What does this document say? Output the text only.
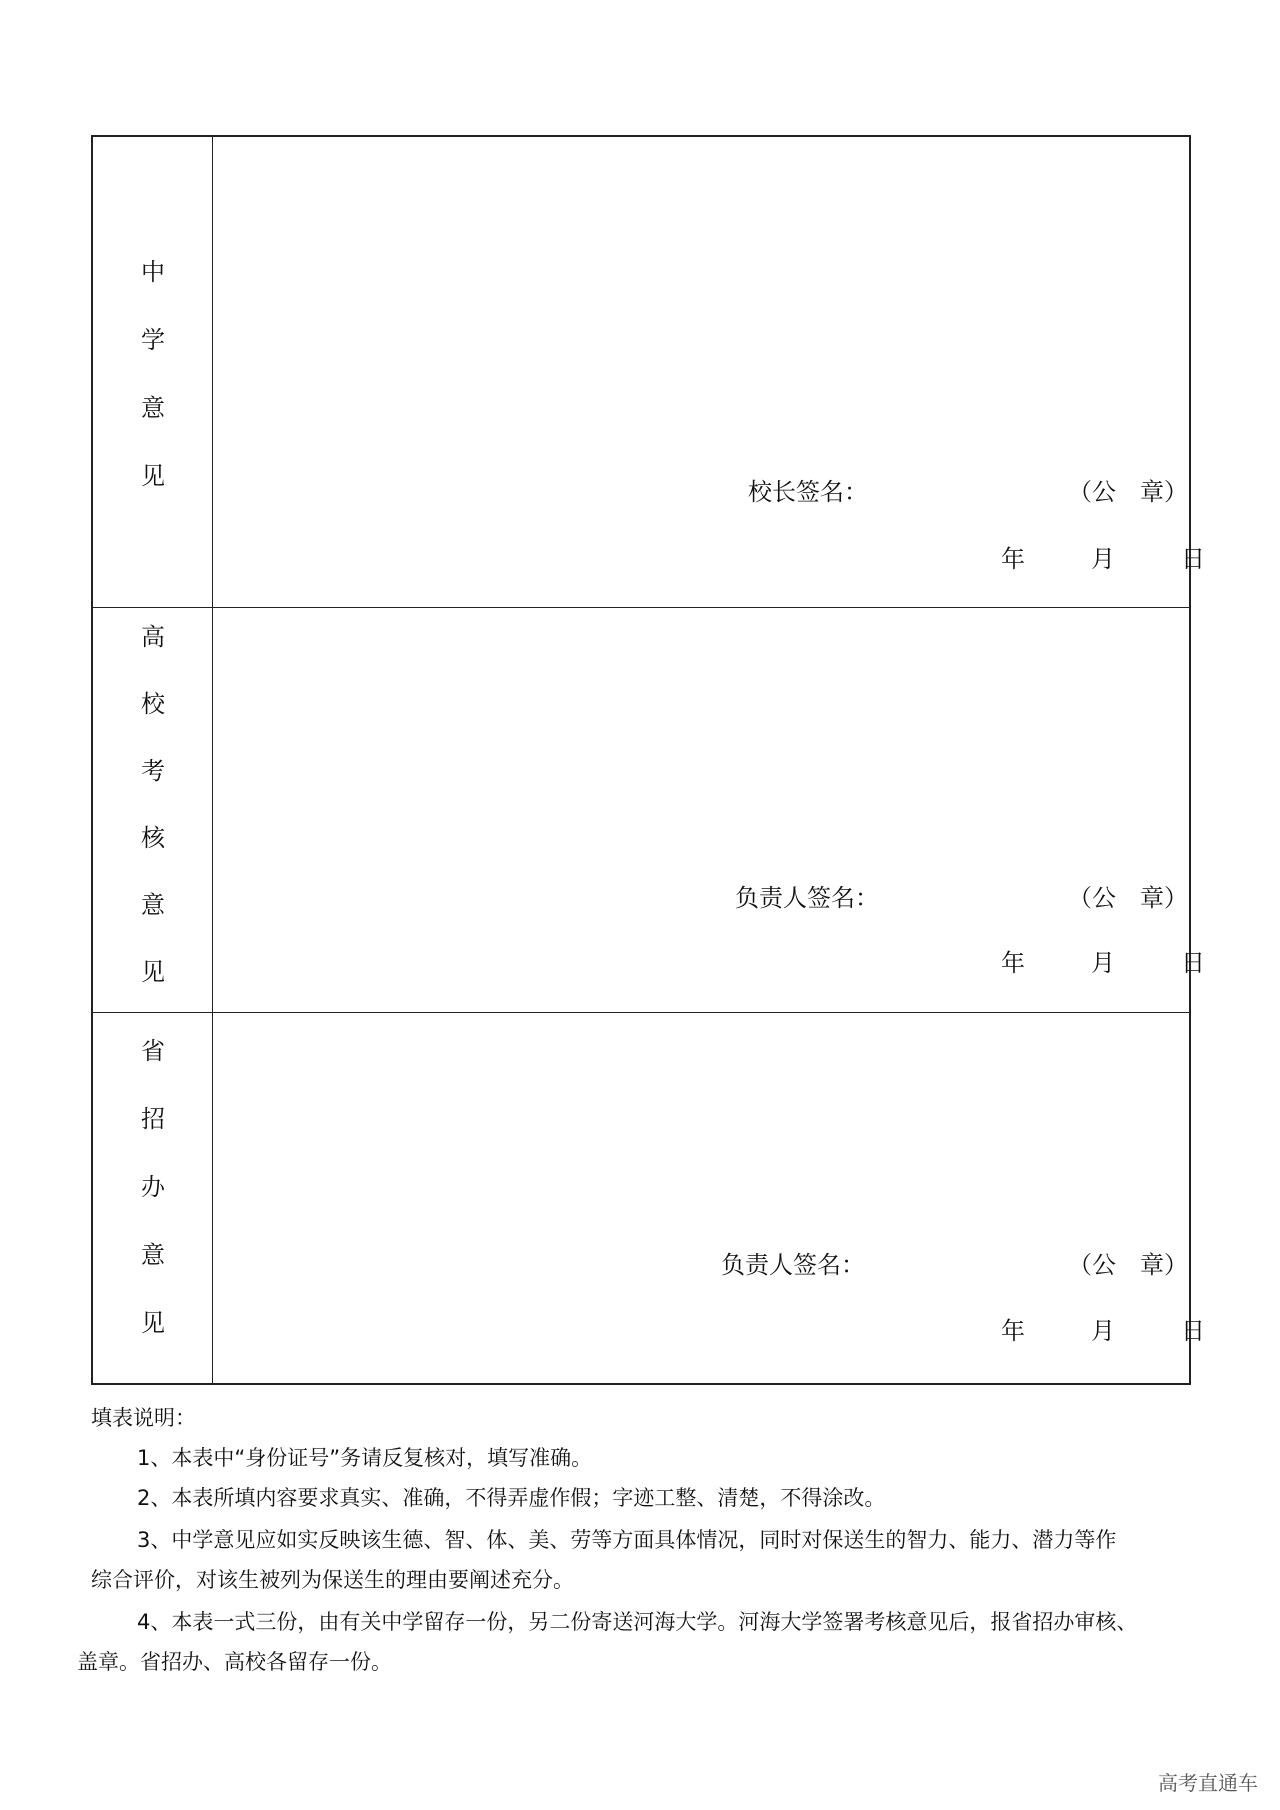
中
学
意
见
校长签名：	（公　章）
年	月	日
高
校
考
核
意
见
负责人签名：	（公　章）
年	月	日
省
招
办
意
见
负责人签名：	（公　章）
年	月	日
填表说明：
1、本表中“身份证号”务请反复核对，填写准确。
2、本表所填内容要求真实、准确，不得弄虚作假；字迹工整、清楚，不得涂改。
3、中学意见应如实反映该生德、智、体、美、劳等方面具体情况，同时对保送生的智力、能力、潜力等作
综合评价，对该生被列为保送生的理由要阐述充分。
4、本表一式三份，由有关中学留存一份，另二份寄送河海大学。河海大学签署考核意见后，报省招办审核、
盖章。省招办、高校各留存一份。
高考直通车
